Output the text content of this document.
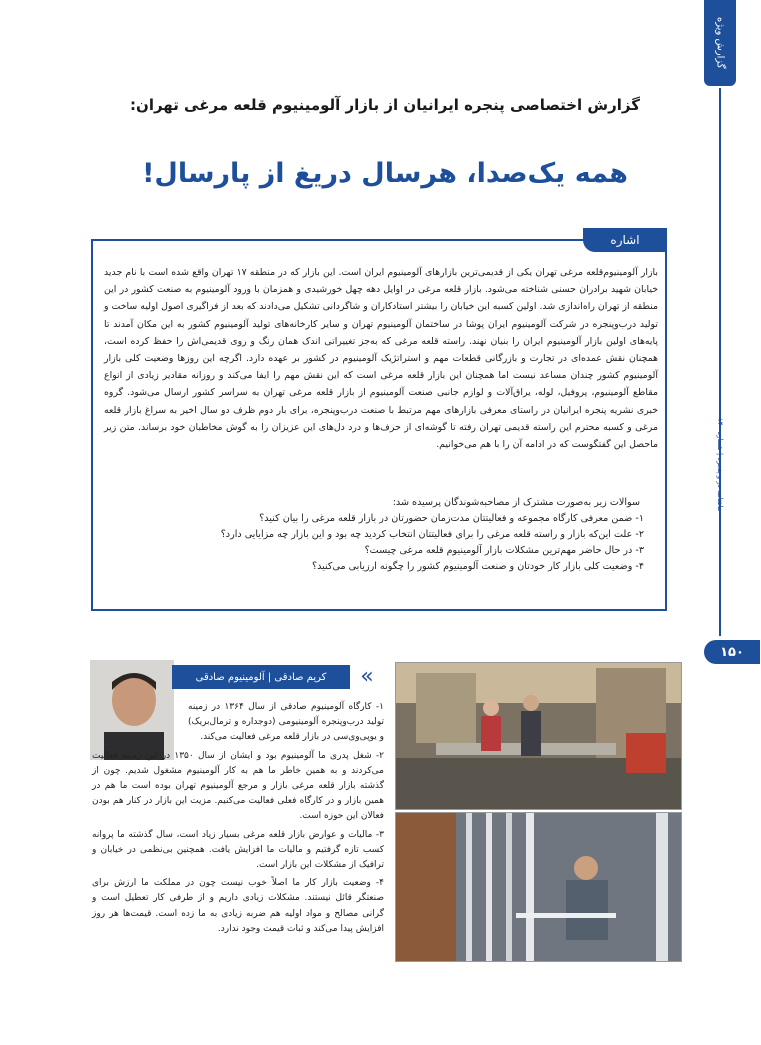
گزارش ویژه
ماهنامه در و پنجره | شماره ۱۴۰
۱۵۰
گزارش اختصاصی پنجره ایرانیان از بازار آلومینیوم قلعه مرغی تهران:
همه یک‌صدا، هرسال دریغ از پارسال!
اشاره

بازار آلومینیوم‌قلعه مرغی تهران یکی از قدیمی‌ترین بازارهای آلومینیوم ایران است. این بازار که در منطقه ۱۷ تهران واقع شده است با نام جدید خیابان شهید برادران حسنی شناخته می‌شود. بازار قلعه مرغی در اوایل دهه چهل خورشیدی و همزمان با ورود آلومینیوم به صنعت کشور در این منطقه از تهران راه‌اندازی شد. اولین کسبه این خیابان را بیشتر استادکاران و شاگردانی تشکیل می‌دادند که بعد از فراگیری اصول اولیه ساخت و تولید درب‌وپنجره در شرکت آلومینیوم ایران پوشا در ساختمان آلومینیوم تهران و سایر کارخانه‌های تولید آلومینیوم کشور به این مکان آمدند تا پایه‌های اولین بازار آلومینیوم ایران را بنیان نهند. راسته قلعه مرغی که به‌جز تغییراتی اندک همان رنگ و روی قدیمی‌اش را حفظ کرده است، همچنان نقش عمده‌ای در تجارت و بازرگانی قطعات مهم و استراتژیک آلومینیوم در کشور بر عهده دارد. اگرچه این روزها وضعیت کلی بازار آلومینیوم کشور چندان مساعد نیست اما همچنان این بازار قلعه مرغی است که این نقش مهم را ایفا می‌کند و روزانه مقادیر زیادی از انواع مقاطع آلومینیوم، پروفیل، لوله، یراق‌آلات و لوازم جانبی صنعت آلومینیوم از بازار قلعه مرغی تهران به سراسر کشور ارسال می‌شود. گروه خبری نشریه پنجره ایرانیان در راستای معرفی بازارهای مهم مرتبط با صنعت درب‌وپنجره، برای بار دوم ظرف دو سال اخیر به سراغ بازار قلعه مرغی و کسبه محترم این راسته قدیمی تهران رفته تا گوشه‌ای از حرف‌ها و درد دل‌های این عزیزان را به گوش مخاطبان خود برساند. متن زیر ماحصل این گفتگوست که در ادامه آن را با هم می‌خوانیم.

سوالات زیر به‌صورت مشترک از مصاحبه‌شوندگان پرسیده شد:

۱- ضمن معرفی کارگاه مجموعه و فعالیتتان مدت‌زمان حضورتان در بازار قلعه مرغی را بیان کنید؟
۲- علت این‌که بازار و راسته قلعه مرغی را برای فعالیتتان انتخاب کردید چه بود و این بازار چه مزایایی دارد؟
۳- در حال حاضر مهم‌ترین مشکلات بازار آلومینیوم قلعه مرغی چیست؟
۴- وضعیت کلی بازار کار خودتان و صنعت آلومینیوم کشور را چگونه ارزیابی می‌کنید؟
کریم صادقی | آلومینیوم صادقی	«

۱- کارگاه آلومینیوم صادقی از سال ۱۳۶۴ در زمینه تولید درب‌وپنجره آلومینیومی (دوجداره و ترمال‌بریک) و یوپی‌وی‌سی در بازار قلعه مرغی فعالیت می‌کند.

۲- شغل پدری ما آلومینیوم بود و ایشان از سال ۱۳۵۰ در این زمینه فعالیت می‌کردند و به همین خاطر ما هم به کار آلومینیوم مشغول شدیم. چون از گذشته بازار قلعه مرغی بازار و مرجع آلومینیوم تهران بوده است ما هم در همین بازار و در کارگاه فعلی فعالیت می‌کنیم. مزیت این بازار در کنار هم بودن فعالان این حوزه است.

۳- مالیات و عوارض بازار قلعه مرغی بسیار زیاد است، سال گذشته ما پروانه کسب تازه گرفتیم و مالیات ما افزایش یافت. همچنین بی‌نظمی در خیابان و ترافیک از مشکلات این بازار است.

۴- وضعیت بازار کار ما اصلاً خوب نیست چون در مملکت ما ارزش برای صنعتگر قائل نیستند. مشکلات زیادی داریم و از طرفی کار تعطیل است و گرانی مصالح و مواد اولیه هم ضربه زیادی به ما زده است. قیمت‌ها هر روز افزایش پیدا می‌کند و ثبات قیمت وجود ندارد.
